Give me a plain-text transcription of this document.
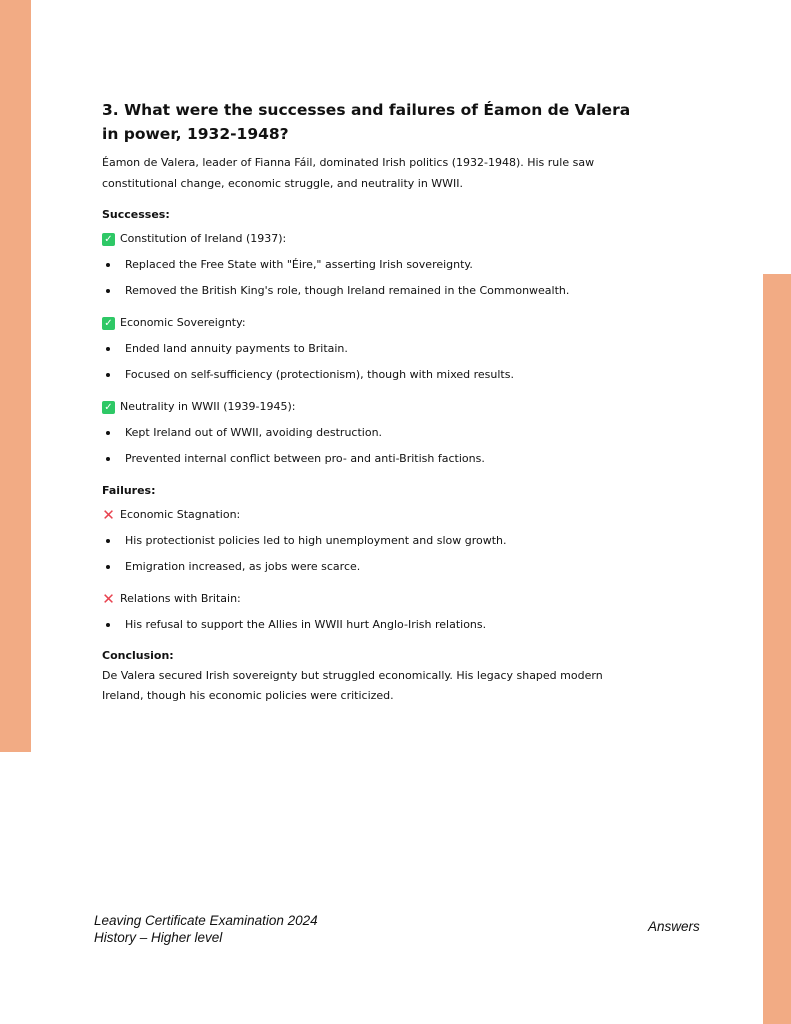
3. What were the successes and failures of Éamon de Valera in power, 1932-1948?

Éamon de Valera, leader of Fianna Fáil, dominated Irish politics (1932-1948). His rule saw constitutional change, economic struggle, and neutrality in WWII.

Successes:
✓ Constitution of Ireland (1937):
Replaced the Free State with "Éire," asserting Irish sovereignty.
Removed the British King's role, though Ireland remained in the Commonwealth.
✓ Economic Sovereignty:
Ended land annuity payments to Britain.
Focused on self-sufficiency (protectionism), though with mixed results.
✓ Neutrality in WWII (1939-1945):
Kept Ireland out of WWII, avoiding destruction.
Prevented internal conflict between pro- and anti-British factions.
Failures:
✕ Economic Stagnation:
His protectionist policies led to high unemployment and slow growth.
Emigration increased, as jobs were scarce.
✕ Relations with Britain:
His refusal to support the Allies in WWII hurt Anglo-Irish relations.
Conclusion:

De Valera secured Irish sovereignty but struggled economically. His legacy shaped modern Ireland, though his economic policies were criticized.

Leaving Certificate Examination 2024
History – Higher level
Answers
